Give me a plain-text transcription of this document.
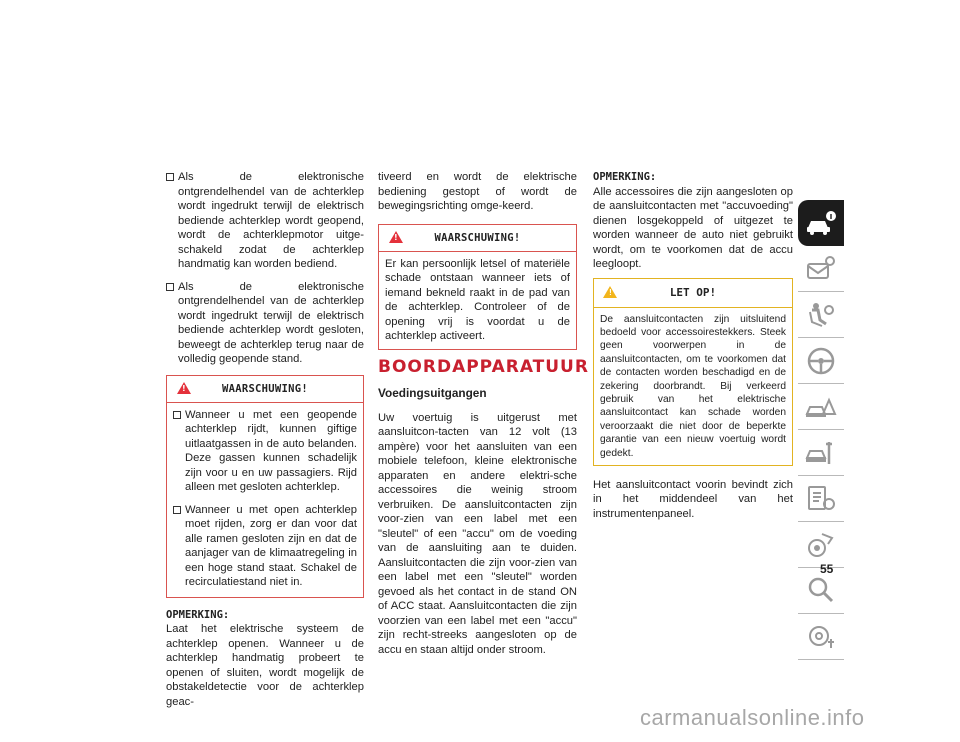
Als de elektronische ontgrendelhendel van de achterklep wordt ingedrukt terwijl de elektrisch bediende achterklep wordt geopend, wordt de achterklepmotor uitge-schakeld zodat de achterklep handmatig kan worden bediend.
Als de elektronische ontgrendelhendel van de achterklep wordt ingedrukt terwijl de elektrisch bediende achterklep wordt gesloten, beweegt de achterklep terug naar de volledig geopende stand.
!	WAARSCHUWING!
Wanneer u met een geopende achterklep rijdt, kunnen giftige uitlaatgassen in de auto belanden. Deze gassen kunnen schadelijk zijn voor u en uw passagiers. Rijd alleen met gesloten achterklep.
Wanneer u met open achterklep moet rijden, zorg er dan voor dat alle ramen gesloten zijn en dat de aanjager van de klimaatregeling in een hoge stand staat. Schakel de recirculatiestand niet in.

OPMERKING:

Laat het elektrische systeem de achterklep openen. Wanneer u de achterklep handmatig probeert te openen of sluiten, wordt mogelijk de obstakeldetectie voor de achterklep geac-

tiveerd en wordt de elektrische bediening gestopt of wordt de bewegingsrichting omge-keerd.

!	WAARSCHUWING!

Er kan persoonlijk letsel of materiële schade ontstaan wanneer iets of iemand bekneld raakt in de pad van de achterklep. Controleer of de opening vrij is voordat u de achterklep activeert.

BOORDAPPARATUUR
Voedingsuitgangen

Uw voertuig is uitgerust met aansluitcon-tacten van 12 volt (13 ampère) voor het aansluiten van een mobiele telefoon, kleine elektronische apparaten en andere elektri-sche accessoires die weinig stroom verbruiken. De aansluitcontacten zijn voor-zien van een label met een "sleutel" of een "accu" om de voeding van de aansluiting aan te duiden. Aansluitcontacten die zijn voor-zien van een label met een "sleutel" worden gevoed als het contact in de stand ON of ACC staat. Aansluitcontacten die zijn voorzien van een label met een "accu" zijn recht-streeks aangesloten op de accu en staan altijd onder stroom.

OPMERKING:

Alle accessoires die zijn aangesloten op de aansluitcontacten met "accuvoeding" dienen losgekoppeld of uitgezet te worden wanneer de auto niet gebruikt wordt, om te voorkomen dat de accu leegloopt.

!	LET OP!

De aansluitcontacten zijn uitsluitend bedoeld voor accessoirestekkers. Steek geen voorwerpen in de aansluitcontacten, om te voorkomen dat de contacten worden beschadigd en de zekering doorbrandt. Bij verkeerd gebruik van het elektrische aansluitcontact kan schade worden veroorzaakt die niet door de beperkte garantie van een nieuw voertuig wordt gedekt.

Het aansluitcontact voorin bevindt zich in het middendeel van het instrumentenpaneel.

55
carmanualsonline.info
